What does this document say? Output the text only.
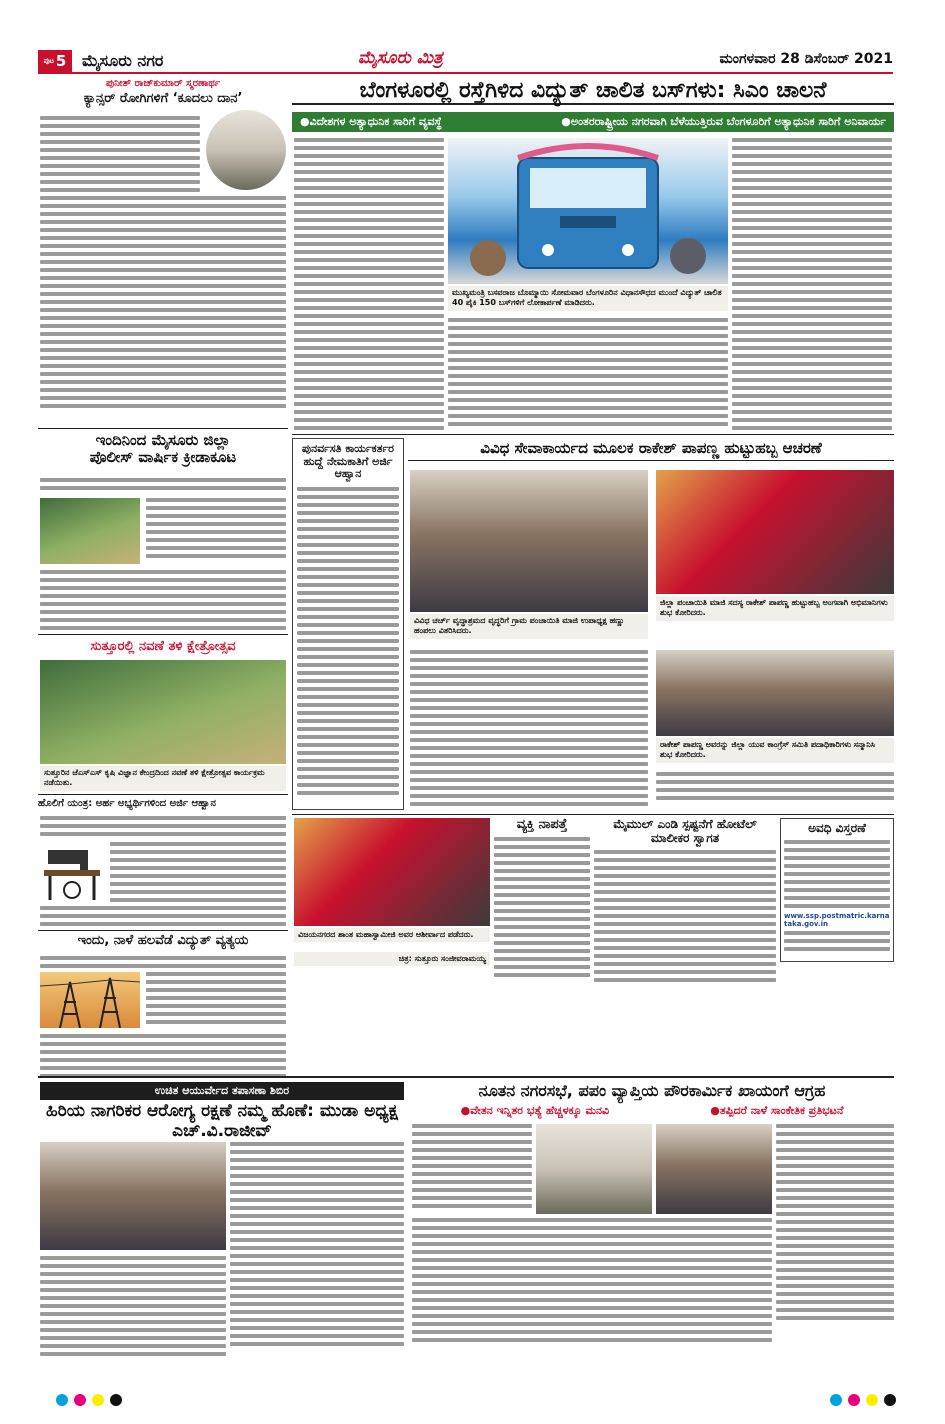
ಪುಟ 5 ಮೈಸೂರು ನಗರ	ಮೈಸೂರು ಮಿತ್ರ	ಮಂಗಳವಾರ 28 ಡಿಸೆಂಬರ್ 2021
ಪುನೀತ್ ರಾಜ್‌ಕುಮಾರ್ ಸ್ಮರಣಾರ್ಥ
ಕ್ಯಾನ್ಸರ್ ರೋಗಿಗಳಿಗೆ ‘ಕೂದಲು ದಾನ’
ಇಂದಿನಿಂದ ಮೈಸೂರು ಜಿಲ್ಲಾ
ಪೊಲೀಸ್ ವಾರ್ಷಿಕ ಕ್ರೀಡಾಕೂಟ
ಸುತ್ತೂರಲ್ಲಿ ನವಣೆ ತಳಿ ಕ್ಷೇತ್ರೋತ್ಸವ
ಸುತ್ತೂರಿನ ಜೆಎಸ್‌ಎಸ್ ಕೃಷಿ ವಿಜ್ಞಾನ ಕೇಂದ್ರದಿಂದ ನವಣೆ ತಳಿ ಕ್ಷೇತ್ರೋತ್ಸವ ಕಾರ್ಯಕ್ರಮ ನಡೆಯಿತು.
ಹೊಲಿಗೆ ಯಂತ್ರ: ಅರ್ಹ ಅಭ್ಯರ್ಥಿಗಳಿಂದ ಅರ್ಜಿ ಆಹ್ವಾನ
ಇಂದು, ನಾಳೆ ಹಲವೆಡೆ ವಿದ್ಯುತ್ ವ್ಯತ್ಯಯ
ಬೆಂಗಳೂರಲ್ಲಿ ರಸ್ತೆಗಿಳಿದ ವಿದ್ಯುತ್ ಚಾಲಿತ ಬಸ್‌ಗಳು: ಸಿಎಂ ಚಾಲನೆ
●ವಿದೇಶಗಳ ಅತ್ಯಾಧುನಿಕ ಸಾರಿಗೆ ವ್ಯವಸ್ಥೆ	●ಅಂತರರಾಷ್ಟ್ರೀಯ ನಗರವಾಗಿ ಬೆಳೆಯುತ್ತಿರುವ ಬೆಂಗಳೂರಿಗೆ ಅತ್ಯಾಧುನಿಕ ಸಾರಿಗೆ ಅನಿವಾರ್ಯ
ಮುಖ್ಯಮಂತ್ರಿ ಬಸವರಾಜ ಬೊಮ್ಮಾಯಿ ಸೋಮವಾರ ಬೆಂಗಳೂರಿನ ವಿಧಾನಸೌಧದ ಮುಂದೆ ವಿದ್ಯುತ್ ಚಾಲಿತ 40 ಪೈಕಿ 150 ಬಸ್‌ಗಳಿಗೆ ಲೋಕಾರ್ಪಣೆ ಮಾಡಿದರು.
ಪುನರ್ವಸತಿ ಕಾರ್ಯಕರ್ತರ ಹುದ್ದೆ ನೇಮಕಾತಿಗೆ ಅರ್ಜಿ ಆಹ್ವಾನ
ವಿವಿಧ ಸೇವಾಕಾರ್ಯದ ಮೂಲಕ ರಾಕೇಶ್ ಪಾಪಣ್ಣ ಹುಟ್ಟುಹಬ್ಬ ಆಚರಣೆ
ವಿವಿಧ ಚರ್ಚ್ ವೃದ್ಧಾಶ್ರಮದ ವೃದ್ಧರಿಗೆ ಗ್ರಾಮ ಪಂಚಾಯಿತಿ ಮಾಜಿ ಉಪಾಧ್ಯಕ್ಷ ಹಣ್ಣು ಹಂಪಲು ವಿತರಿಸಿದರು.
ಜಿಲ್ಲಾ ಪಂಚಾಯಿತಿ ಮಾಜಿ ಸದಸ್ಯ ರಾಕೇಶ್ ಪಾಪಣ್ಣ ಹುಟ್ಟುಹಬ್ಬ ಅಂಗವಾಗಿ ಅಭಿಮಾನಿಗಳು ಶುಭ ಕೋರಿದರು.
ರಾಕೇಶ್ ಪಾಪಣ್ಣ ಅವರನ್ನು ಜಿಲ್ಲಾ ಯುವ ಕಾಂಗ್ರೆಸ್ ಸಮಿತಿ ಪದಾಧಿಕಾರಿಗಳು ಸನ್ಮಾನಿಸಿ ಶುಭ ಕೋರಿದರು.
ವಿಜಯನಗರದ ಶಾಂತ ಮಹಾಸ್ವಾಮೀಜಿ ಅವರ ಆಶೀರ್ವಾದ ಪಡೆದರು.
ಚಿತ್ರ: ಸುತ್ತೂರು ಸಂಜೀವರಾಮಯ್ಯ
ವ್ಯಕ್ತಿ ನಾಪತ್ತೆ	ಮೈಮುಲ್ ಎಂಡಿ ಸ್ಪಷ್ಟನೆಗೆ ಹೋಟೆಲ್ ಮಾಲೀಕರ ಸ್ವಾಗತ
ಅವಧಿ ವಿಸ್ತರಣೆ
www.ssp.postmatric.karnataka.gov.in
ಉಚಿತ ಆಯುರ್ವೇದ ತಪಾಸಣಾ ಶಿಬಿರ
ಹಿರಿಯ ನಾಗರಿಕರ ಆರೋಗ್ಯ ರಕ್ಷಣೆ ನಮ್ಮ ಹೊಣೆ: ಮುಡಾ ಅಧ್ಯಕ್ಷ ಎಚ್.ವಿ.ರಾಜೀವ್
ನೂತನ ನಗರಸಭೆ, ಪಪಂ ವ್ಯಾಪ್ತಿಯ ಪೌರಕಾರ್ಮಿಕ ಖಾಯಂಗೆ ಆಗ್ರಹ
●ವೇತನ ಇನ್ನಿತರ ಭತ್ಯೆ ಹೆಚ್ಚಳಕ್ಕೂ ಮನವಿ	●ತಪ್ಪಿದರೆ ನಾಳೆ ಸಾಂಕೇತಿಕ ಪ್ರತಿಭಟನೆ
